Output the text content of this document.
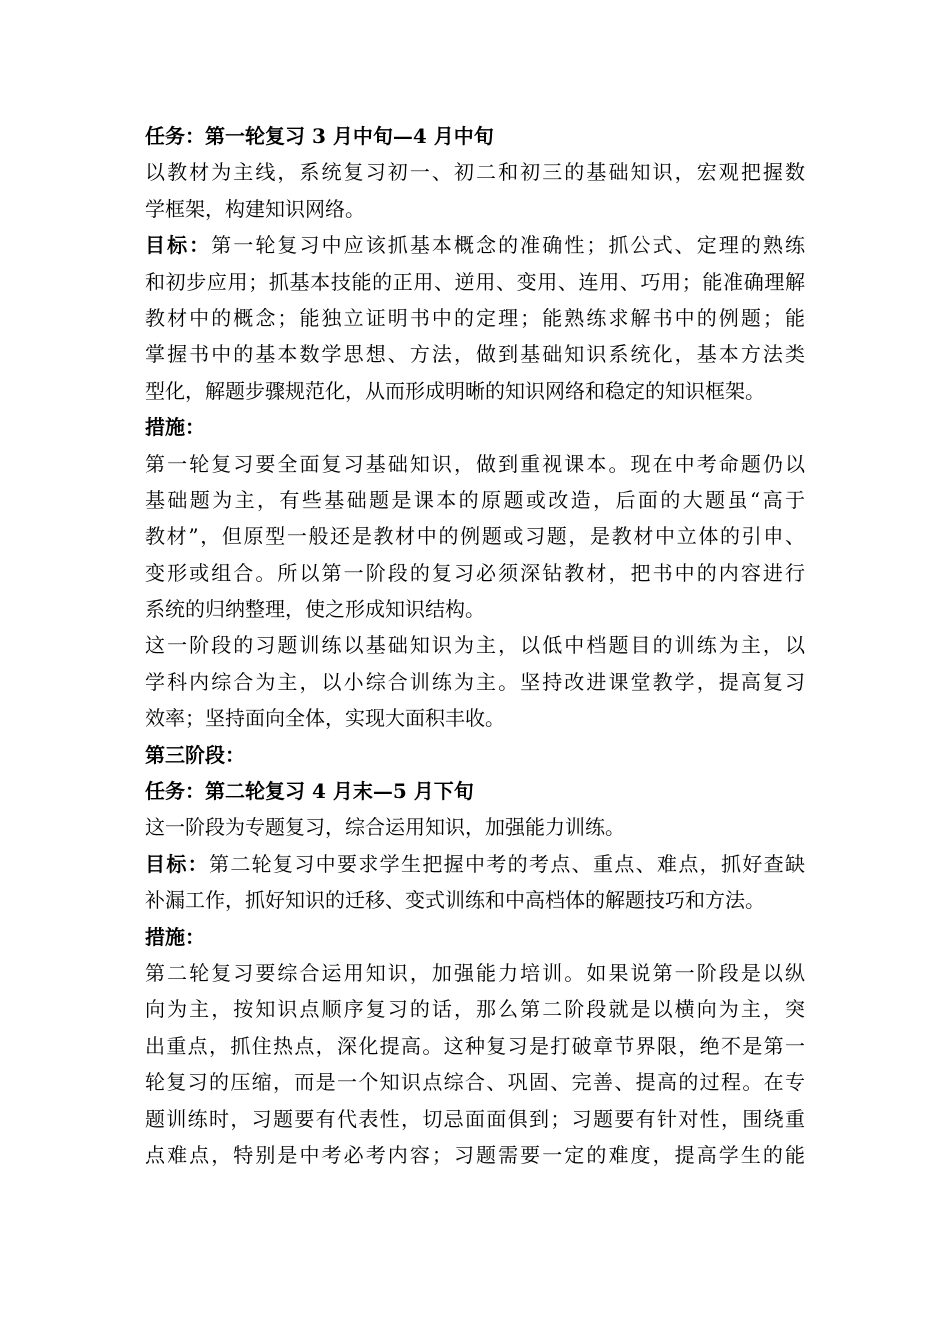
任务：第一轮复习 3 月中旬—4 月中旬
以教材为主线，系统复习初一、初二和初三的基础知识，宏观把握数
学框架，构建知识网络。
目标：第一轮复习中应该抓基本概念的准确性；抓公式、定理的熟练
和初步应用；抓基本技能的正用、逆用、变用、连用、巧用；能准确理解
教材中的概念；能独立证明书中的定理；能熟练求解书中的例题；能
掌握书中的基本数学思想、方法，做到基础知识系统化，基本方法类
型化，解题步骤规范化，从而形成明晰的知识网络和稳定的知识框架。
措施：
第一轮复习要全面复习基础知识，做到重视课本。现在中考命题仍以
基础题为主，有些基础题是课本的原题或改造，后面的大题虽“高于
教材”，但原型一般还是教材中的例题或习题，是教材中立体的引申、
变形或组合。所以第一阶段的复习必须深钻教材，把书中的内容进行
系统的归纳整理，使之形成知识结构。
这一阶段的习题训练以基础知识为主，以低中档题目的训练为主，以
学科内综合为主，以小综合训练为主。坚持改进课堂教学，提高复习
效率；坚持面向全体，实现大面积丰收。
第三阶段：
任务：第二轮复习 4 月末—5 月下旬
这一阶段为专题复习，综合运用知识，加强能力训练。
目标：第二轮复习中要求学生把握中考的考点、重点、难点，抓好查缺
补漏工作，抓好知识的迁移、变式训练和中高档体的解题技巧和方法。
措施：
第二轮复习要综合运用知识，加强能力培训。如果说第一阶段是以纵
向为主，按知识点顺序复习的话，那么第二阶段就是以横向为主，突
出重点，抓住热点，深化提高。这种复习是打破章节界限，绝不是第一
轮复习的压缩，而是一个知识点综合、巩固、完善、提高的过程。在专
题训练时，习题要有代表性，切忌面面俱到；习题要有针对性，围绕重
点难点，特别是中考必考内容；习题需要一定的难度，提高学生的能
